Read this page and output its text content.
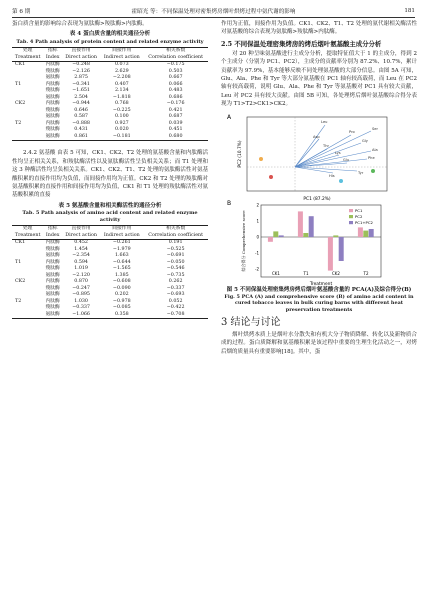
第 6 期	霍昭光 等：不同保温处理对密集烤房烟叶烘烤过程中氨代谢的影响	181

蛋白质含量的影响综合表现为氨肽酶>羧肽酶>内肽酶。

表 4 蛋白质含量的相关通径分析
Tab. 4 Path analysis of protein content and related enzyme activity
处理	指标	直接作用	间接作用	相关系数
Treatment	Index	Direct action	Indirect action	Correlation coefficient
CK1	内肽酶	−0.248	0.073	−0.175
	羧肽酶	−2.126	2.629	0.503
	氨肽酶	2.875	−2.208	0.667
T1	内肽酶	−0.341	0.407	0.066
	羧肽酶	−1.651	2.134	0.483
	氨肽酶	2.504	−1.818	0.686
CK2	内肽酶	−0.944	0.768	−0.176
	羧肽酶	0.646	−0.225	0.421
	氨肽酶	0.587	0.100	0.687
T2	内肽酶	−0.888	0.927	0.039
	羧肽酶	0.431	0.020	0.451
	氨肽酶	0.861	−0.181	0.680

2.4.2 氨基酸 由表 5 可知，CK1、CK2、T2 处理的氨基酸含量和内肽酶活性均呈正相关关系，和羧肽酶活性以及氨肽酶活性呈负相关关系；而 T1 处理和这 3 种酶活性均呈负相关关系。CK1、CK2、T1、T2 处理的氨肽酶活性对氨基酸积累的直接作用均为负值，而间接作用均为正值。CK2 和 T2 处理的羧肽酶对氨基酸积累的直接作用和间接作用均为负值，CK1 和 T1 处理的羧肽酶活性对氨基酸积累的直接

表 5 氨基酸含量和相关酶活性的通径分析
Tab. 5 Path analysis of amino acid content and related enzyme activity
处理	指标	直接作用	间接作用	相关系数
Treatment	Index	Direct action	Indirect action	Correlation coefficient
CK1	内肽酶	0.452	−0.261	0.191
	羧肽酶	1.454	−1.979	−0.525
	氨肽酶	−2.354	1.663	−0.691
T1	内肽酶	0.594	−0.644	−0.050
	羧肽酶	1.019	−1.565	−0.546
	氨肽酶	−2.120	1.385	−0.735
CK2	内肽酶	0.870	−0.608	0.262
	羧肽酶	−0.247	−0.090	−0.337
	氨肽酶	−0.895	0.202	−0.693
T2	内肽酶	1.030	−0.978	0.052
	羧肽酶	−0.337	−0.085	−0.422
	氨肽酶	−1.066	0.358	−0.708

作用为正值，间接作用为负值。CK1、CK2、T1、T2 处理的氨代谢相关酶活性对氨基酸的综合表现为氨肽酶>羧肽酶>内肽酶。

2.5 不同保温处理密集烤房的烤后烟叶氨基酸主成分分析

对 20 种呈味氨基酸进行主成分分析，提取特征值大于 1 的主成分，得到 2 个主成分（分别为 PC1、PC2），主成分的贡献率分别为 87.2%、10.7%，累计贡献率为 97.9%，基本能够反映不同处理氨基酸的大部分信息。由图 5A 可知，Glu、Ala、Phe 和 Tyr 等大部分氨基酸在 PC1 轴有较高载荷，而 Leu 在 PC2 轴有较高载荷，说明 Glu、Ala、Phe 和 Tyr 等氨基酸对 PC1 具有较大贡献，Leu 对 PC2 具有较大贡献。由图 5B 可知，各处理烤后烟叶氨基酸综合得分表现为 T1>T2>CK1>CK2。

A
Leu
Ser
Gly
Ala
Phe
Tyr
Glu
Lys
His
Thr
Asp
Pro
PC1 (87.2%)
PC2 (10.7%)
B
综合得分 Comprehensive score
Treatment
2
1
0
-1
-2
CK1	T1	CK2	T2
PC1
PC2
PC1+PC2
图 5 不同保温处理密集烤房烤后烟叶氨基酸含量的 PCA(A)及综合得分(B)
Fig. 5 PCA (A) and comprehensive score (B) of amino acid content in cured tobacco leaves in bulk curing barns with different heat preservation treatments
3 结论与讨论

烟叶烘烤本质上是烟叶水分散失和有机大分子物质降解、转化以及新物质合成的过程。蛋白质降解和氨基酸积累是该过程中重要的生理生化活动之一，对烤后烟的质量具有重要影响[18]。其中，蛋
